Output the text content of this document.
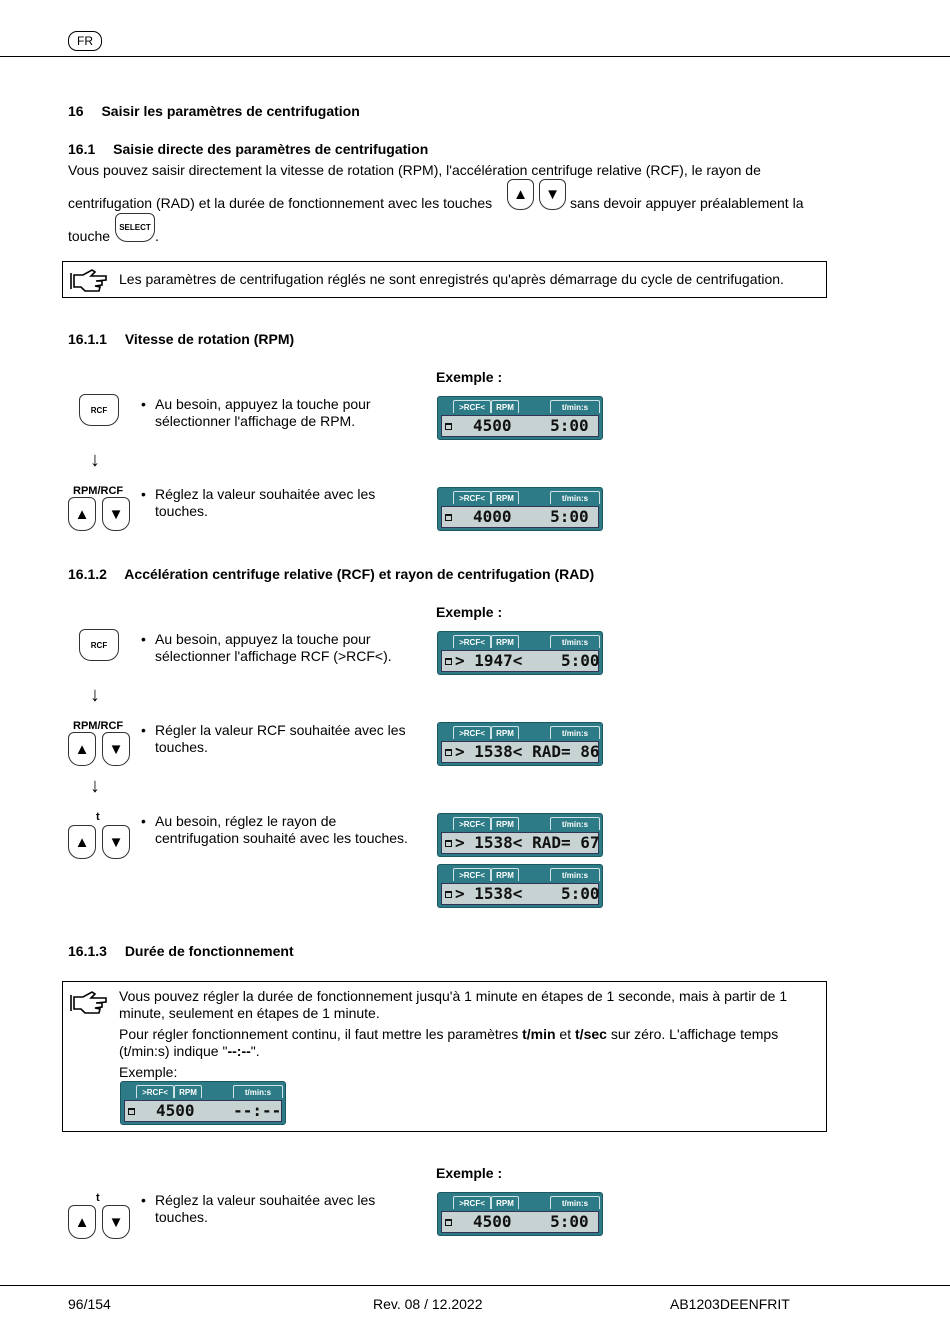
FR
16  Saisir les paramètres de centrifugation
16.1  Saisie directe des paramètres de centrifugation
Vous pouvez saisir directement la vitesse de rotation (RPM), l'accélération centrifuge relative (RCF), le rayon de
centrifugation (RAD) et la durée de fonctionnement avec les touches	▲	▼ sans devoir appuyer préalablement la
touche
SELECT
.
Les paramètres de centrifugation réglés ne sont enregistrés qu'après démarrage du cycle de centrifugation.
16.1.1  Vitesse de rotation (RPM)
Exemple :
RCF	• Au besoin, appuyez la touche pour
sélectionner l'affichage de RPM.
↓
RPM/RCF
▲	▼
• Réglez la valeur souhaitée avec les
touches.
>RCF<	RPM	t/min:s
4500    5:00
>RCF<	RPM	t/min:s
4000    5:00
16.1.2  Accélération centrifuge relative (RCF) et rayon de centrifugation (RAD)
Exemple :
RCF	• Au besoin, appuyez la touche pour
sélectionner l'affichage RCF (>RCF<).
↓
RPM/RCF
▲	▼
• Régler la valeur RCF souhaitée avec les
touches.
↓
t
▲	▼
• Au besoin, réglez le rayon de
centrifugation souhaité avec les touches.
>RCF<	RPM	t/min:s
> 1947<    5:00
>RCF<	RPM	t/min:s
> 1538< RAD= 86
>RCF<	RPM	t/min:s
> 1538< RAD= 67
>RCF<	RPM	t/min:s
> 1538<    5:00
16.1.3  Durée de fonctionnement
Vous pouvez régler la durée de fonctionnement jusqu'à 1 minute en étapes de 1 seconde, mais à partir de 1
minute, seulement en étapes de 1 minute.
Pour régler fonctionnement continu, il faut mettre les paramètres t/min et t/sec sur zéro. L'affichage temps
(t/min:s) indique "--:--".
Exemple:
>RCF<	RPM	t/min:s
4500    --:--
Exemple :
t
▲	▼
• Réglez la valeur souhaitée avec les
touches.
>RCF<	RPM	t/min:s
4500    5:00
96/154	Rev. 08 / 12.2022	AB1203DEENFRIT
